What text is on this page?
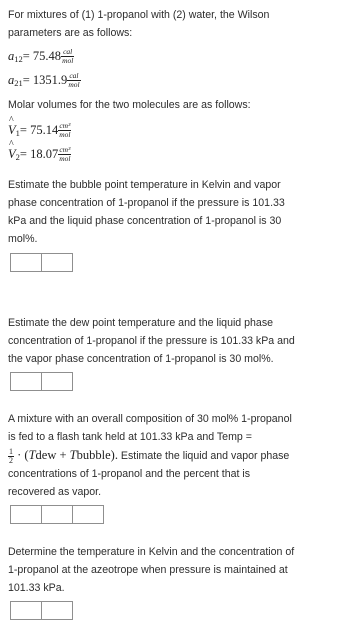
For mixtures of (1) 1-propanol with (2) water, the Wilson

parameters are as follows:

a $12 = 75.48 \frac{\text{cal}}{\text{mol}}$
a $21 = 1351.9 \frac{\text{cal}}{\text{mol}}$

Molar volumes for the two molecules are as follows:

^ V $1 = 75.14 \frac{\text{cm³}}{\text{mol}}$
^ V $2 = 18.07 \frac{\text{cm³}}{\text{mol}}$

Estimate the bubble point temperature in Kelvin and vapor

phase concentration of 1-propanol if the pressure is 101.33

kPa and the liquid phase concentration of 1-propanol is 30

mol%.

Estimate the dew point temperature and the liquid phase

concentration of 1-propanol if the pressure is 101.33 kPa and

the vapor phase concentration of 1-propanol is 30 mol%.

A mixture with an overall composition of 30 mol% 1-propanol

is fed to a flash tank held at 101.33 kPa and Temp =

$\frac{1}{2}$ · (Tdew + Tbubble). Estimate the liquid and vapor phase

concentrations of 1-propanol and the percent that is

recovered as vapor.

Determine the temperature in Kelvin and the concentration of

1-propanol at the azeotrope when pressure is maintained at

101.33 kPa.
